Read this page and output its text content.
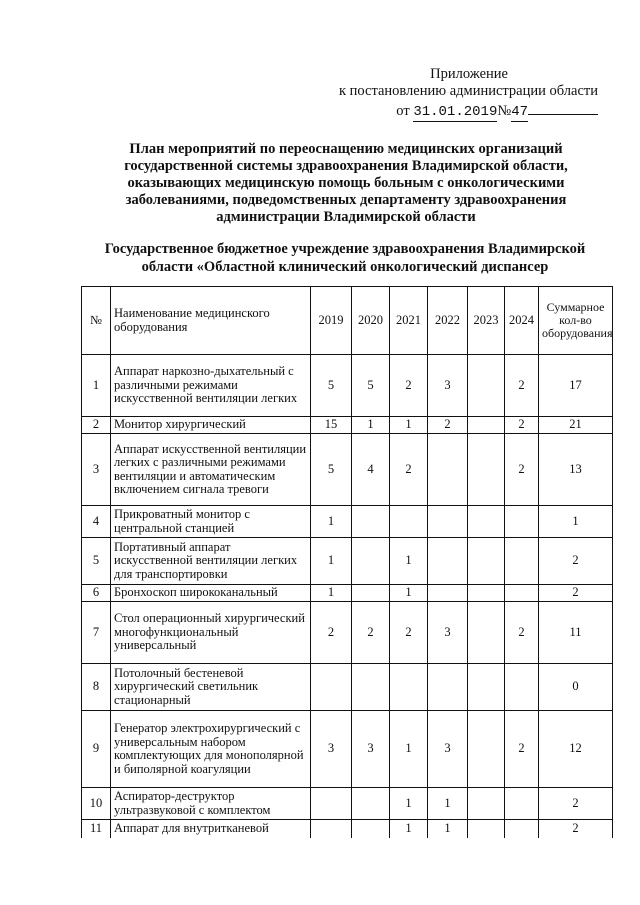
Приложение
к постановлению администрации области
от
31.01.2019 № 47
План мероприятий по переоснащению медицинских организаций государственной системы здравоохранения Владимирской области, оказывающих медицинскую помощь больным с онкологическими заболеваниями, подведомственных департаменту здравоохранения администрации Владимирской области
Государственное бюджетное учреждение здравоохранения Владимирской области «Областной клинический онкологический диспансер
№	Наименование медицинского оборудования	2019	2020	2021	2022	2023	2024	Суммарное кол-во оборудования
1	Аппарат наркозно-дыхательный с различными режимами искусственной вентиляции легких	5	5	2	3		2	17
2	Монитор хирургический	15	1	1	2		2	21
3	Аппарат искусственной вентиляции легких с различными режимами вентиляции и автоматическим включением сигнала тревоги	5	4	2			2	13
4	Прикроватный монитор с центральной станцией	1						1
5	Портативный аппарат искусственной вентиляции легких для транспортировки	1		1				2
6	Бронхоскоп ширококанальный	1		1				2
7	Стол операционный хирургический многофункциональный универсальный	2	2	2	3		2	11
8	Потолочный бестеневой хирургический светильник стационарный							0
9	Генератор электрохирургический с универсальным набором комплектующих для монополярной и биполярной коагуляции	3	3	1	3		2	12
10	Аспиратор-деструктор ультразвуковой с комплектом			1	1			2
11	Аппарат для внутритканевой			1	1			2
